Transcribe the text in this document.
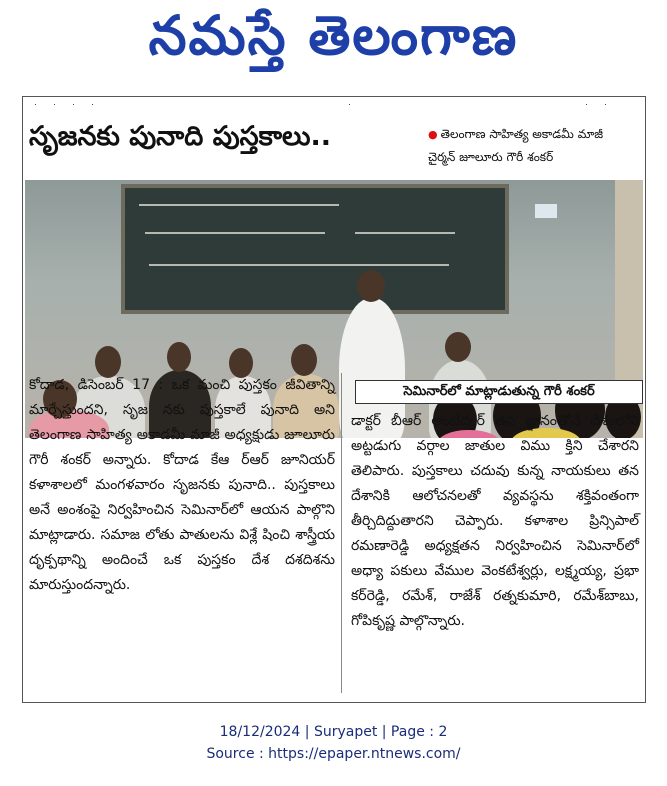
నమస్తే తెలంగాణ
సృజనకు పునాది పుస్తకాలు..	● తెలంగాణ సాహిత్య అకాడమీ మాజీ
చైర్మన్ జూలూరు గౌరీ శంకర్
సెమినార్‌లో మాట్లాడుతున్న గౌరీ శంకర్
కోదాడ, డిసెంబర్ 17 : ఒక మంచి పుస్తకం జీవితాన్ని మార్చేస్తుందని, సృజ నకు పుస్తకాలే పునాది అని తెలంగాణ సాహిత్య అకాడమీ మాజీ అధ్యక్షుడు జూలూరు గౌరీ శంకర్ అన్నారు. కోదాడ కేఆ ర్ఆర్ జూనియర్ కళాశాలలో మంగళవారం సృజనకు పునాది.. పుస్తకాలు అనే అంశంపై నిర్వహించిన సెమినార్‌లో ఆయన పాల్గొని మాట్లాడారు. సమాజ లోతు పాతులను విశ్లే షించి శాస్త్రీయ దృక్పథాన్ని అందించే ఒక పుస్తకం దేశ దశదిశను మారుస్తుందన్నారు.
డాక్టర్ బీఆర్ అంబేద్కర్ తన జ్ఞానంతోనే దేశంలోని అట్టడుగు వర్గాల జాతుల విము క్తిని చేశారని తెలిపారు. పుస్తకాలు చదువు కున్న నాయకులు తన దేశానికి ఆలోచనలతో వ్యవస్థను శక్తివంతంగా తీర్చిదిద్దుతారని చెప్పారు. కళాశాల ప్రిన్సిపాల్ రమణారెడ్డి అధ్యక్షతన నిర్వహించిన సెమినార్‌లో అధ్యా పకులు వేముల వెంకటేశ్వర్లు, లక్ష్మయ్య, ప్రభా కర్‌రెడ్డి, రమేశ్, రాజేశ్ రత్నకుమారి, రమేశ్‌బాబు, గోపికృష్ణ పాల్గొన్నారు.
18/12/2024 | Suryapet | Page : 2
Source : https://epaper.ntnews.com/
